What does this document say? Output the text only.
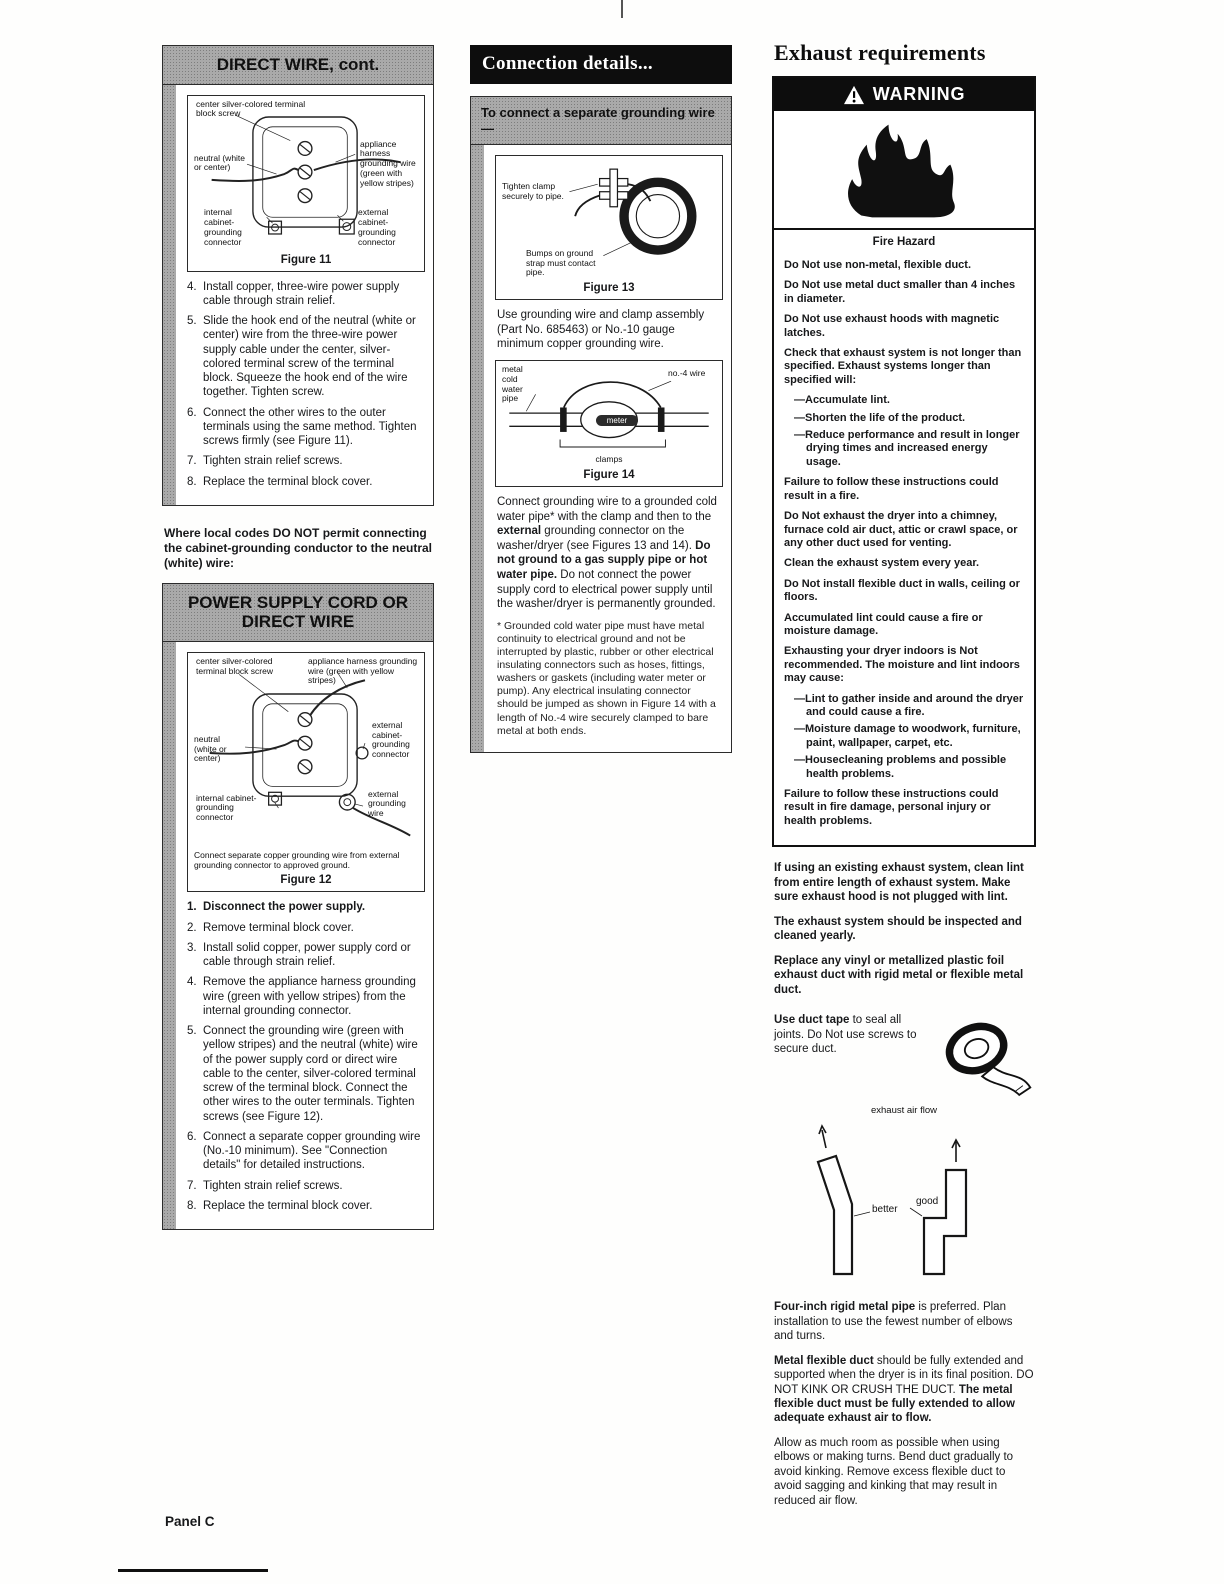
DIRECT WIRE, cont.
center silver-colored terminal block screw
neutral (white or center)
appliance harness grounding wire (green with yellow stripes)
internal cabinet-grounding connector
external cabinet-grounding connector
Figure 11
4. Install copper, three-wire power supply cable through strain relief.
5. Slide the hook end of the neutral (white or center) wire from the three-wire power supply cable under the center, silver-colored terminal screw of the terminal block. Squeeze the hook end of the wire together. Tighten screw.
6. Connect the other wires to the outer terminals using the same method. Tighten screws firmly (see Figure 11).
7. Tighten strain relief screws.
8. Replace the terminal block cover.

Where local codes DO NOT permit connecting the cabinet-grounding conductor to the neutral (white) wire:

POWER SUPPLY CORD OR DIRECT WIRE
center silver-colored terminal block screw
appliance harness grounding wire (green with yellow stripes)
neutral (white or center)
external cabinet-grounding connector
internal cabinet-grounding connector
external grounding wire
Connect separate copper grounding wire from external grounding connector to approved ground.
Figure 12
1. Disconnect the power supply.
2. Remove terminal block cover.
3. Install solid copper, power supply cord or cable through strain relief.
4. Remove the appliance harness grounding wire (green with yellow stripes) from the internal grounding connector.
5. Connect the grounding wire (green with yellow stripes) and the neutral (white) wire of the power supply cord or direct wire cable to the center, silver-colored terminal screw of the terminal block. Connect the other wires to the outer terminals. Tighten screws (see Figure 12).
6. Connect a separate copper grounding wire (No.-10 minimum). See "Connection details" for detailed instructions.
7. Tighten strain relief screws.
8. Replace the terminal block cover.
Connection details...
To connect a separate grounding wire —
Tighten clamp securely to pipe.
Bumps on ground strap must contact pipe.
Figure 13

Use grounding wire and clamp assembly (Part No. 685463) or No.-10 gauge minimum copper grounding wire.

metal cold water pipe
no.-4 wire
meter
clamps
Figure 14

Connect grounding wire to a grounded cold water pipe* with the clamp and then to the external grounding connector on the washer/dryer (see Figures 13 and 14). Do not ground to a gas supply pipe or hot water pipe. Do not connect the power supply cord to electrical power supply until the washer/dryer is permanently grounded.

* Grounded cold water pipe must have metal continuity to electrical ground and not be interrupted by plastic, rubber or other electrical insulating connectors such as hoses, fittings, washers or gaskets (including water meter or pump). Any electrical insulating connector should be jumped as shown in Figure 14 with a length of No.-4 wire securely clamped to bare metal at both ends.

Exhaust requirements
WARNING
Fire Hazard
Do Not use non-metal, flexible duct.
Do Not use metal duct smaller than 4 inches in diameter.
Do Not use exhaust hoods with magnetic latches.
Check that exhaust system is not longer than specified. Exhaust systems longer than specified will:
—Accumulate lint.
—Shorten the life of the product.
—Reduce performance and result in longer drying times and increased energy usage.
Failure to follow these instructions could result in a fire.
Do Not exhaust the dryer into a chimney, furnace cold air duct, attic or crawl space, or any other duct used for venting.
Clean the exhaust system every year.
Do Not install flexible duct in walls, ceiling or floors.
Accumulated lint could cause a fire or moisture damage.
Exhausting your dryer indoors is Not recommended. The moisture and lint indoors may cause:
—Lint to gather inside and around the dryer and could cause a fire.
—Moisture damage to woodwork, furniture, paint, wallpaper, carpet, etc.
—Housecleaning problems and possible health problems.
Failure to follow these instructions could result in fire damage, personal injury or health problems.

If using an existing exhaust system, clean lint from entire length of exhaust system. Make sure exhaust hood is not plugged with lint.

The exhaust system should be inspected and cleaned yearly.

Replace any vinyl or metallized plastic foil exhaust duct with rigid metal or flexible metal duct.

Use duct tape to seal all joints. Do Not use screws to secure duct.

exhaust air flow
better
good

Four-inch rigid metal pipe is preferred. Plan installation to use the fewest number of elbows and turns.

Metal flexible duct should be fully extended and supported when the dryer is in its final position. DO NOT KINK OR CRUSH THE DUCT. The metal flexible duct must be fully extended to allow adequate exhaust air to flow.

Allow as much room as possible when using elbows or making turns. Bend duct gradually to avoid kinking. Remove excess flexible duct to avoid sagging and kinking that may result in reduced air flow.

Panel C
